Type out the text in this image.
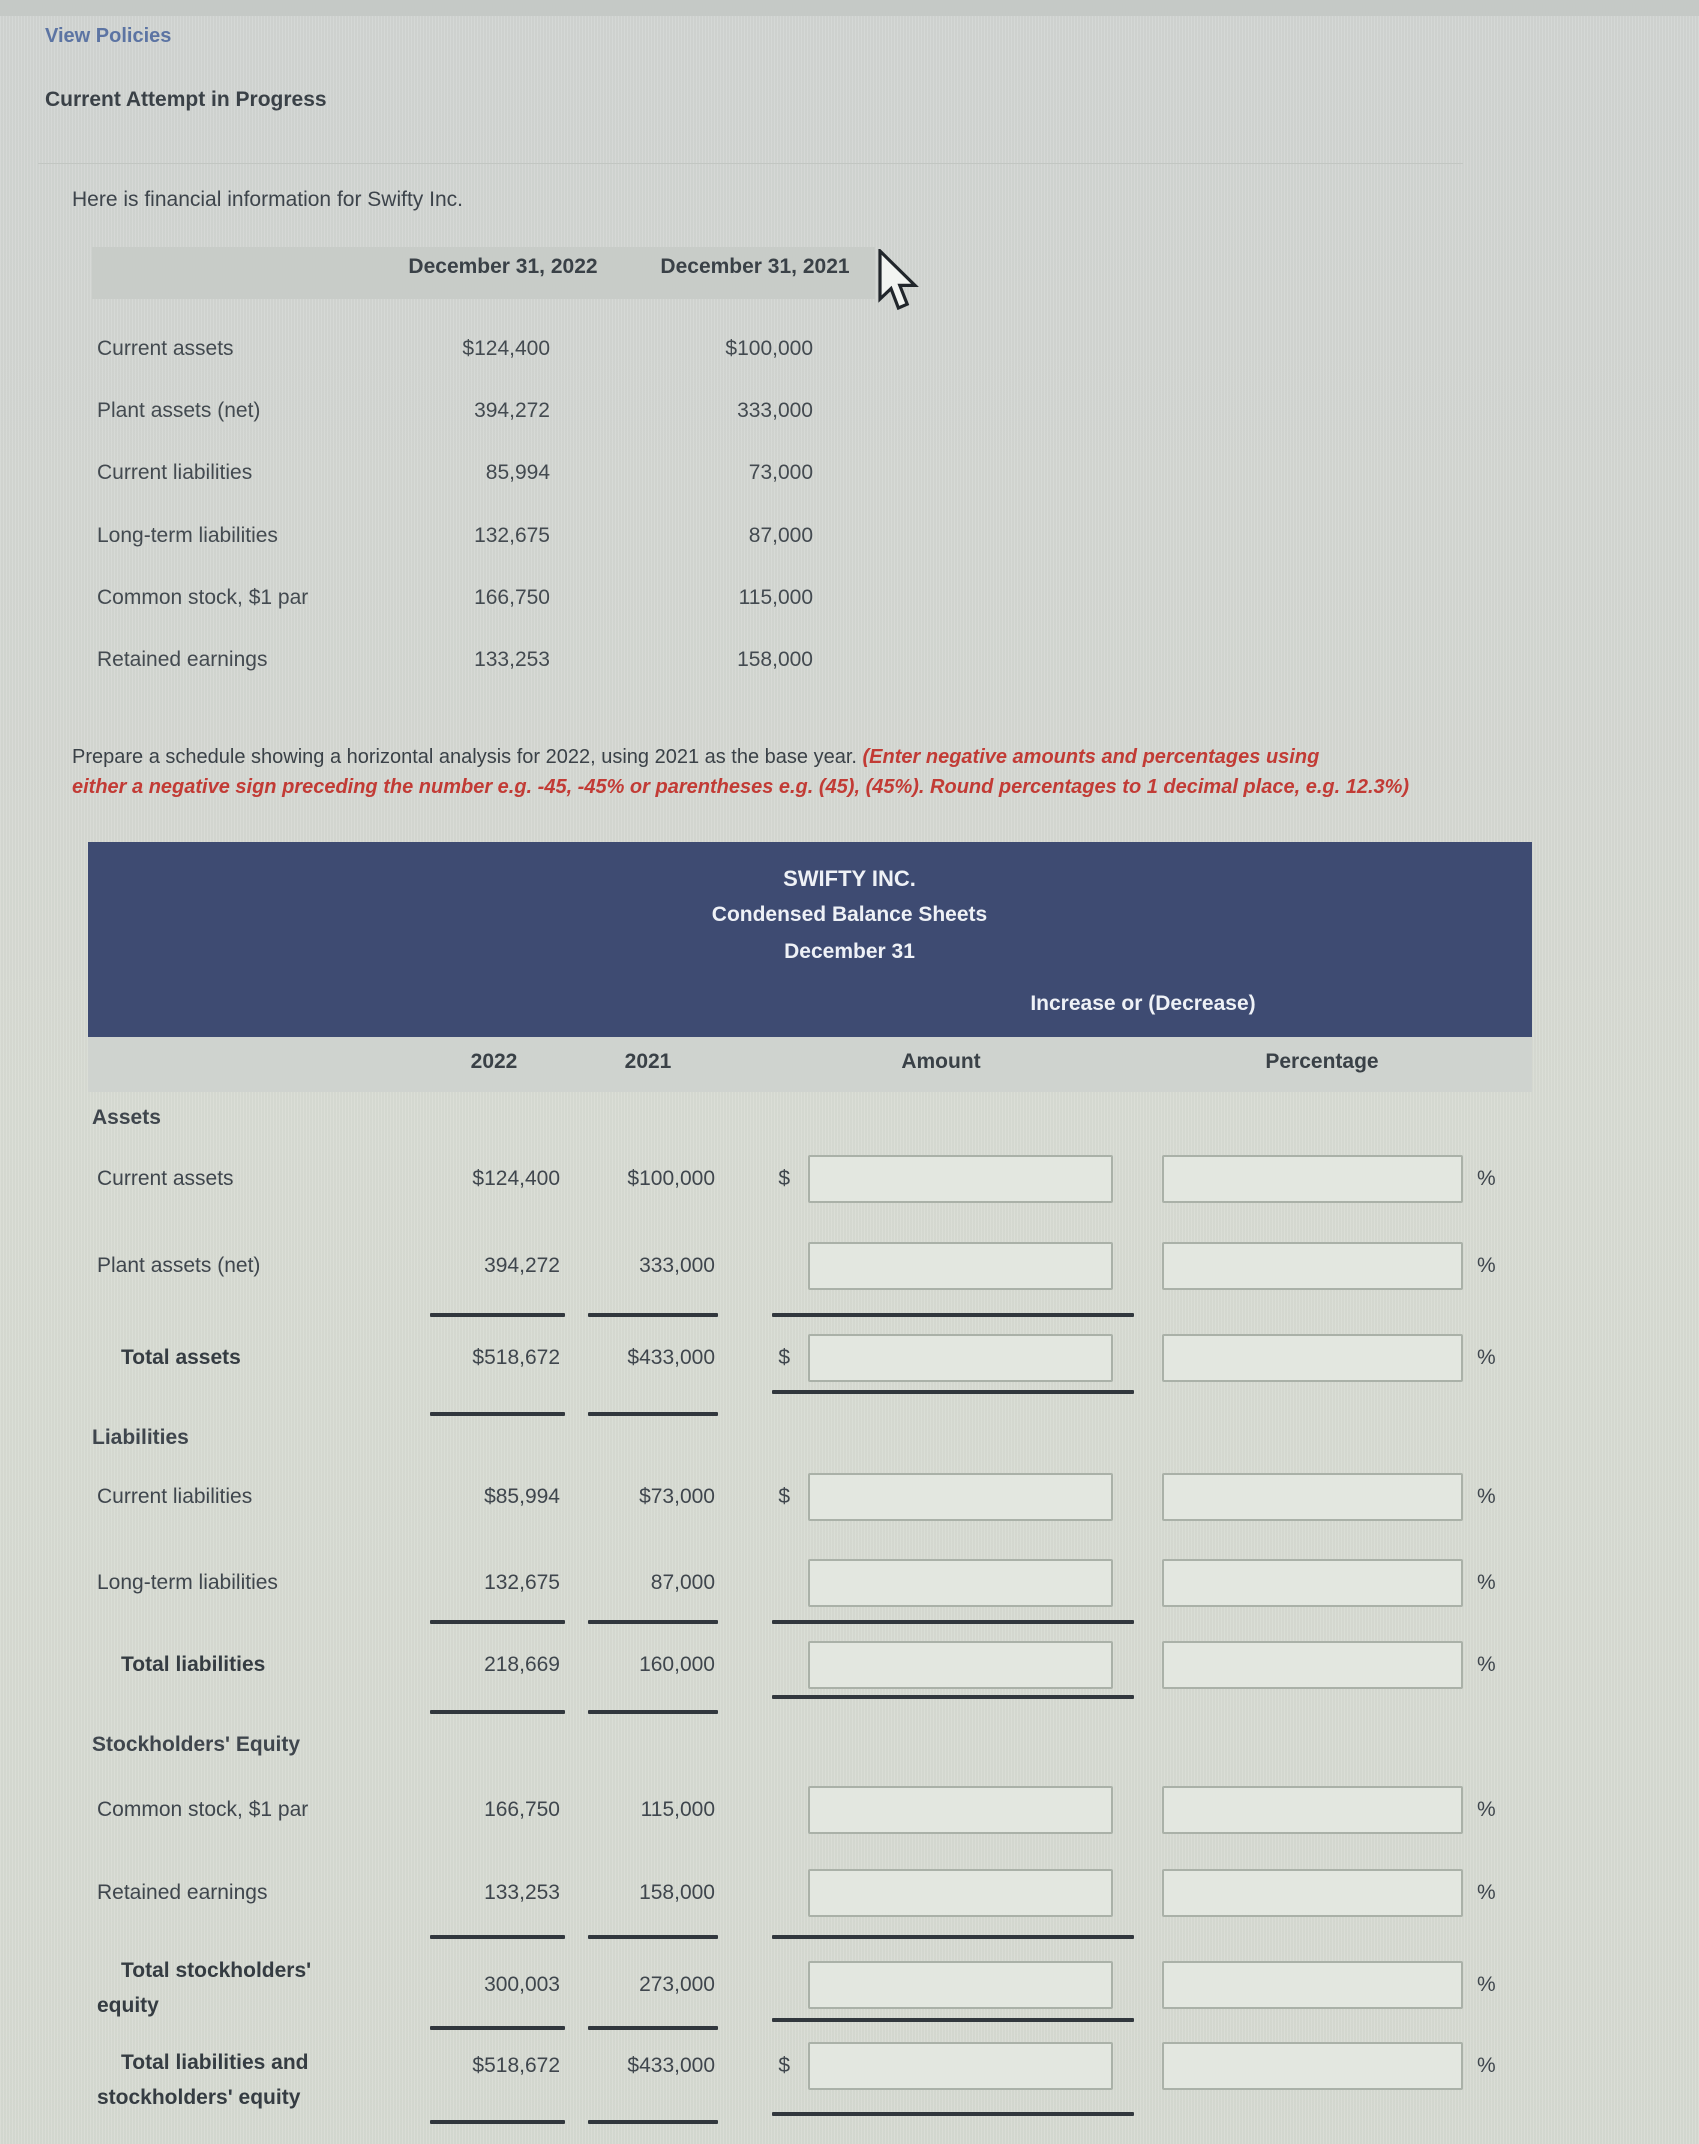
View Policies
Current Attempt in Progress
Here is financial information for Swifty Inc.
December 31, 2022	December 31, 2021
Current assets	$124,400	$100,000
Plant assets (net)	394,272	333,000
Current liabilities	85,994	73,000
Long-term liabilities	132,675	87,000
Common stock, $1 par	166,750	115,000
Retained earnings	133,253	158,000
Prepare a schedule showing a horizontal analysis for 2022, using 2021 as the base year. (Enter negative amounts and percentages using
either a negative sign preceding the number e.g. -45, -45% or parentheses e.g. (45), (45%). Round percentages to 1 decimal place, e.g. 12.3%)
SWIFTY INC.
Condensed Balance Sheets
December 31
Increase or (Decrease)
2022	2021	Amount	Percentage
Assets
Current assets	$124,400	$100,000	$	%
Plant assets (net)	394,272	333,000	%
Total assets	$518,672	$433,000	$	%
Liabilities
Current liabilities	$85,994	$73,000	$	%
Long-term liabilities	132,675	87,000	%
Total liabilities	218,669	160,000	%
Stockholders' Equity
Common stock, $1 par	166,750	115,000	%
Retained earnings	133,253	158,000	%
Total stockholders' equity
300,003	273,000	%
Total liabilities and stockholders' equity
$518,672	$433,000	$	%
